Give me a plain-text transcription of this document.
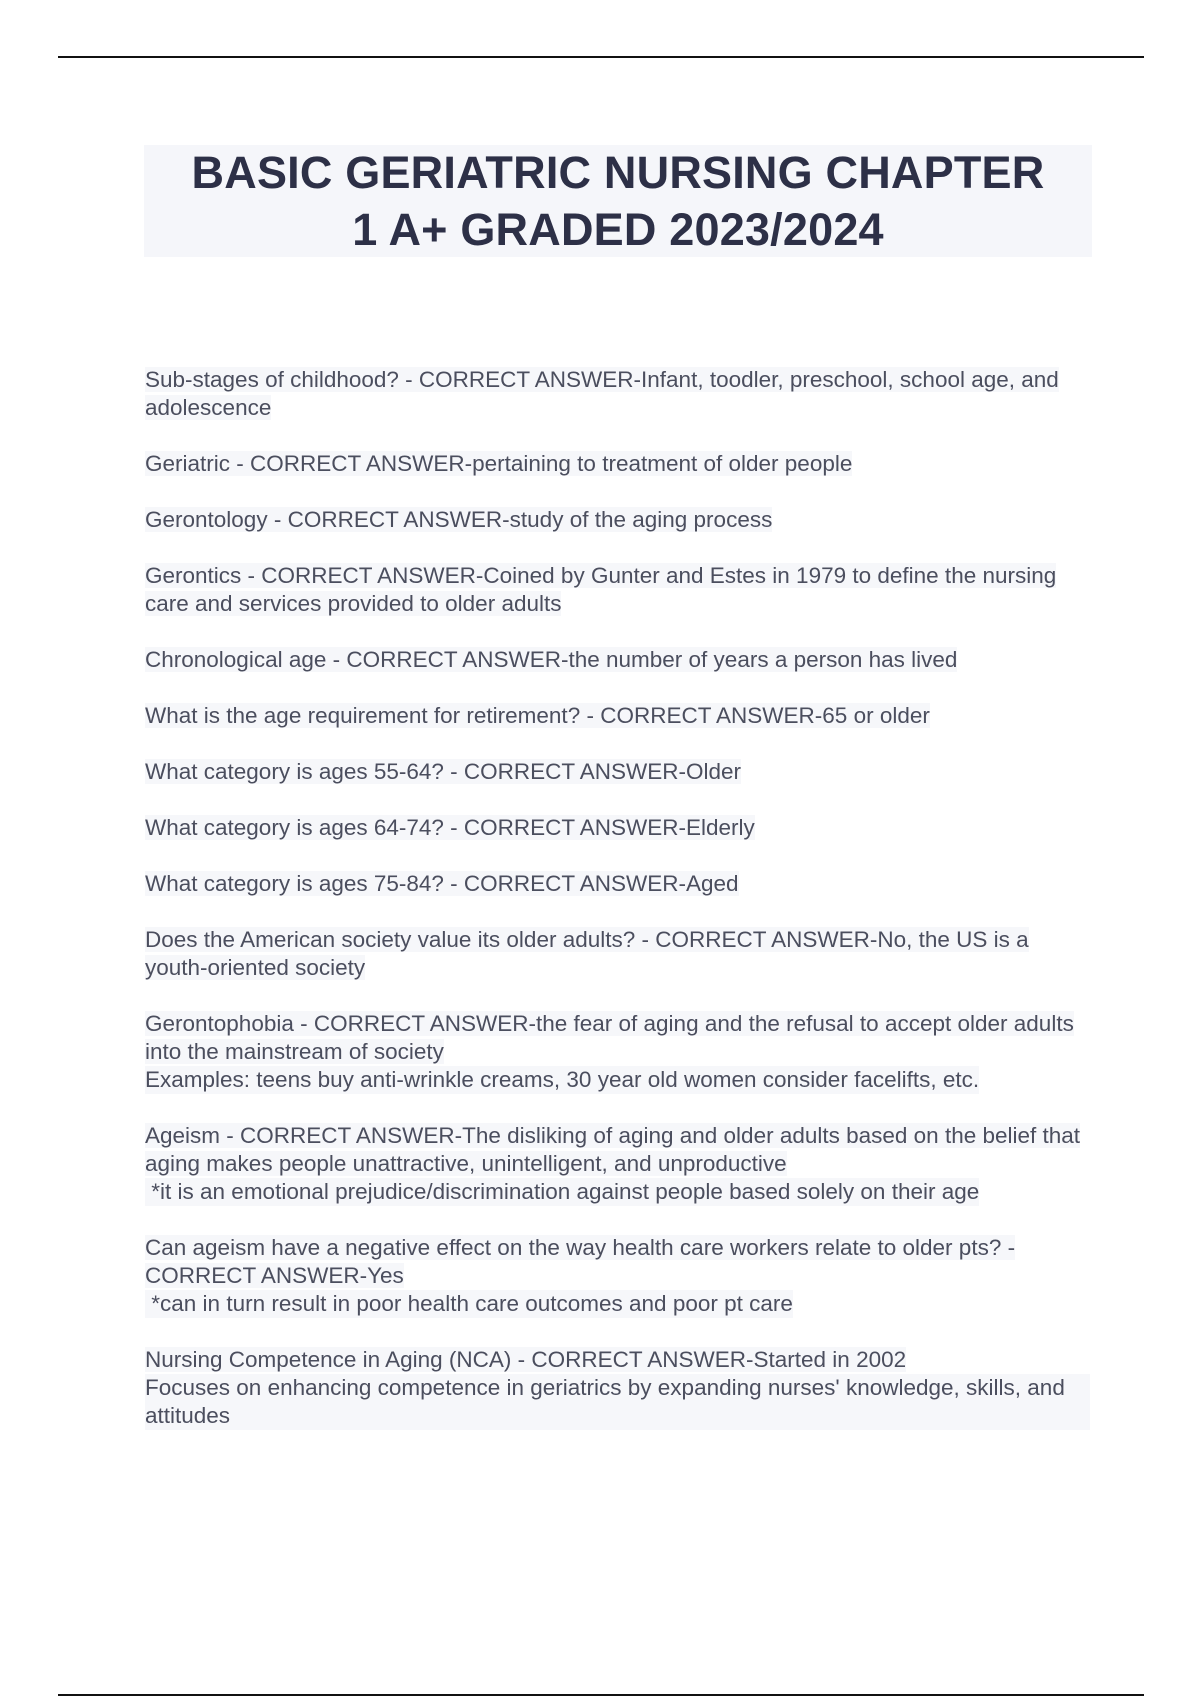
BASIC GERIATRIC NURSING CHAPTER
1 A+ GRADED 2023/2024
Sub-stages of childhood? - CORRECT ANSWER-Infant, toodler, preschool, school age, and adolescence
Geriatric - CORRECT ANSWER-pertaining to treatment of older people
Gerontology - CORRECT ANSWER-study of the aging process
Gerontics - CORRECT ANSWER-Coined by Gunter and Estes in 1979 to define the nursing care and services provided to older adults
Chronological age - CORRECT ANSWER-the number of years a person has lived
What is the age requirement for retirement? - CORRECT ANSWER-65 or older
What category is ages 55-64? - CORRECT ANSWER-Older
What category is ages 64-74? - CORRECT ANSWER-Elderly
What category is ages 75-84? - CORRECT ANSWER-Aged
Does the American society value its older adults? - CORRECT ANSWER-No, the US is a youth-oriented society
Gerontophobia - CORRECT ANSWER-the fear of aging and the refusal to accept older adults into the mainstream of society
Examples: teens buy anti-wrinkle creams, 30 year old women consider facelifts, etc.
Ageism - CORRECT ANSWER-The disliking of aging and older adults based on the belief that aging makes people unattractive, unintelligent, and unproductive
*it is an emotional prejudice/discrimination against people based solely on their age
Can ageism have a negative effect on the way health care workers relate to older pts? - CORRECT ANSWER-Yes
*can in turn result in poor health care outcomes and poor pt care
Nursing Competence in Aging (NCA) - CORRECT ANSWER-Started in 2002
Focuses on enhancing competence in geriatrics by expanding nurses' knowledge, skills, and attitudes
